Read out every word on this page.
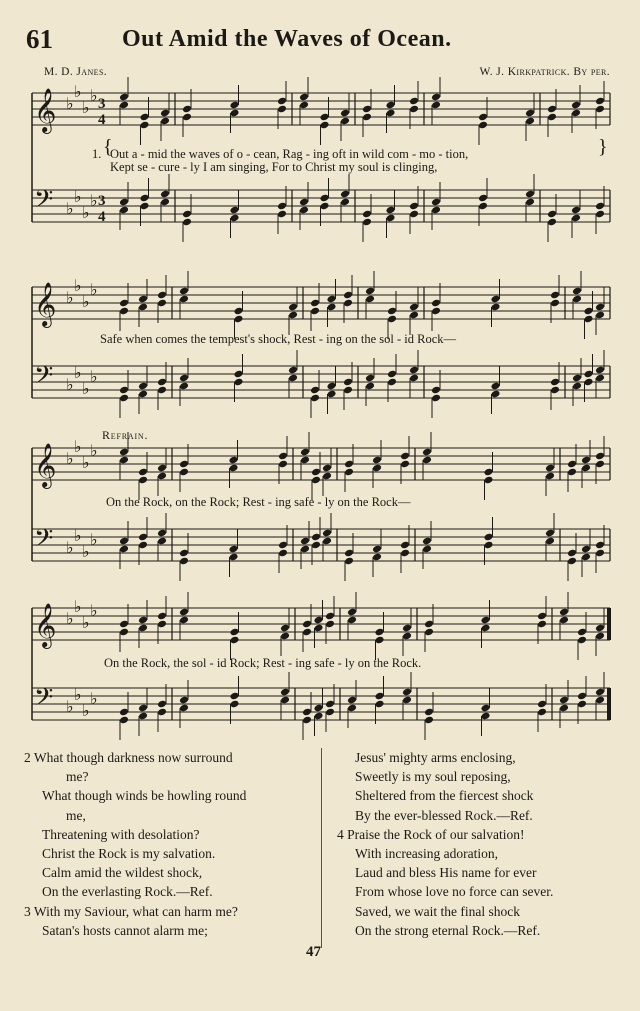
61	Out Amid the Waves of Ocean.
M. D. Janes.	W. J. Kirkpatrick. By per.
𝄞 ♭
♭
♭
♭ 3
4
𝄢 ♭
♭
♭
♭ 3
4
𝄞 ♭
♭
♭
♭
𝄢 ♭
♭
♭
♭
𝄞 ♭
♭
♭
♭
𝄢 ♭
♭
♭
♭
𝄞 ♭
♭
♭
♭
𝄢 ♭
♭
♭
♭
1. {
Out a - mid the waves of o - cean, Rag - ing oft in wild com - mo - tion,
Kept se - cure - ly I am singing, For to Christ my soul is clinging,
}
Safe when comes the tempest's shock, Rest - ing on the sol - id Rock—
On the Rock, on the Rock; Rest - ing safe - ly on the Rock—
On the Rock, the sol - id Rock; Rest - ing safe - ly on the Rock.
Refrain.
2 What though darkness now surround
me?
What though winds be howling round
me,
Threatening with desolation?
Christ the Rock is my salvation.
Calm amid the wildest shock,
On the everlasting Rock.—Ref.
3 With my Saviour, what can harm me?
Satan's hosts cannot alarm me;
Jesus' mighty arms enclosing,
Sweetly is my soul reposing,
Sheltered from the fiercest shock
By the ever-blessed Rock.—Ref.
4 Praise the Rock of our salvation!
With increasing adoration,
Laud and bless His name for ever
From whose love no force can sever.
Saved, we wait the final shock
On the strong eternal Rock.—Ref.
47
